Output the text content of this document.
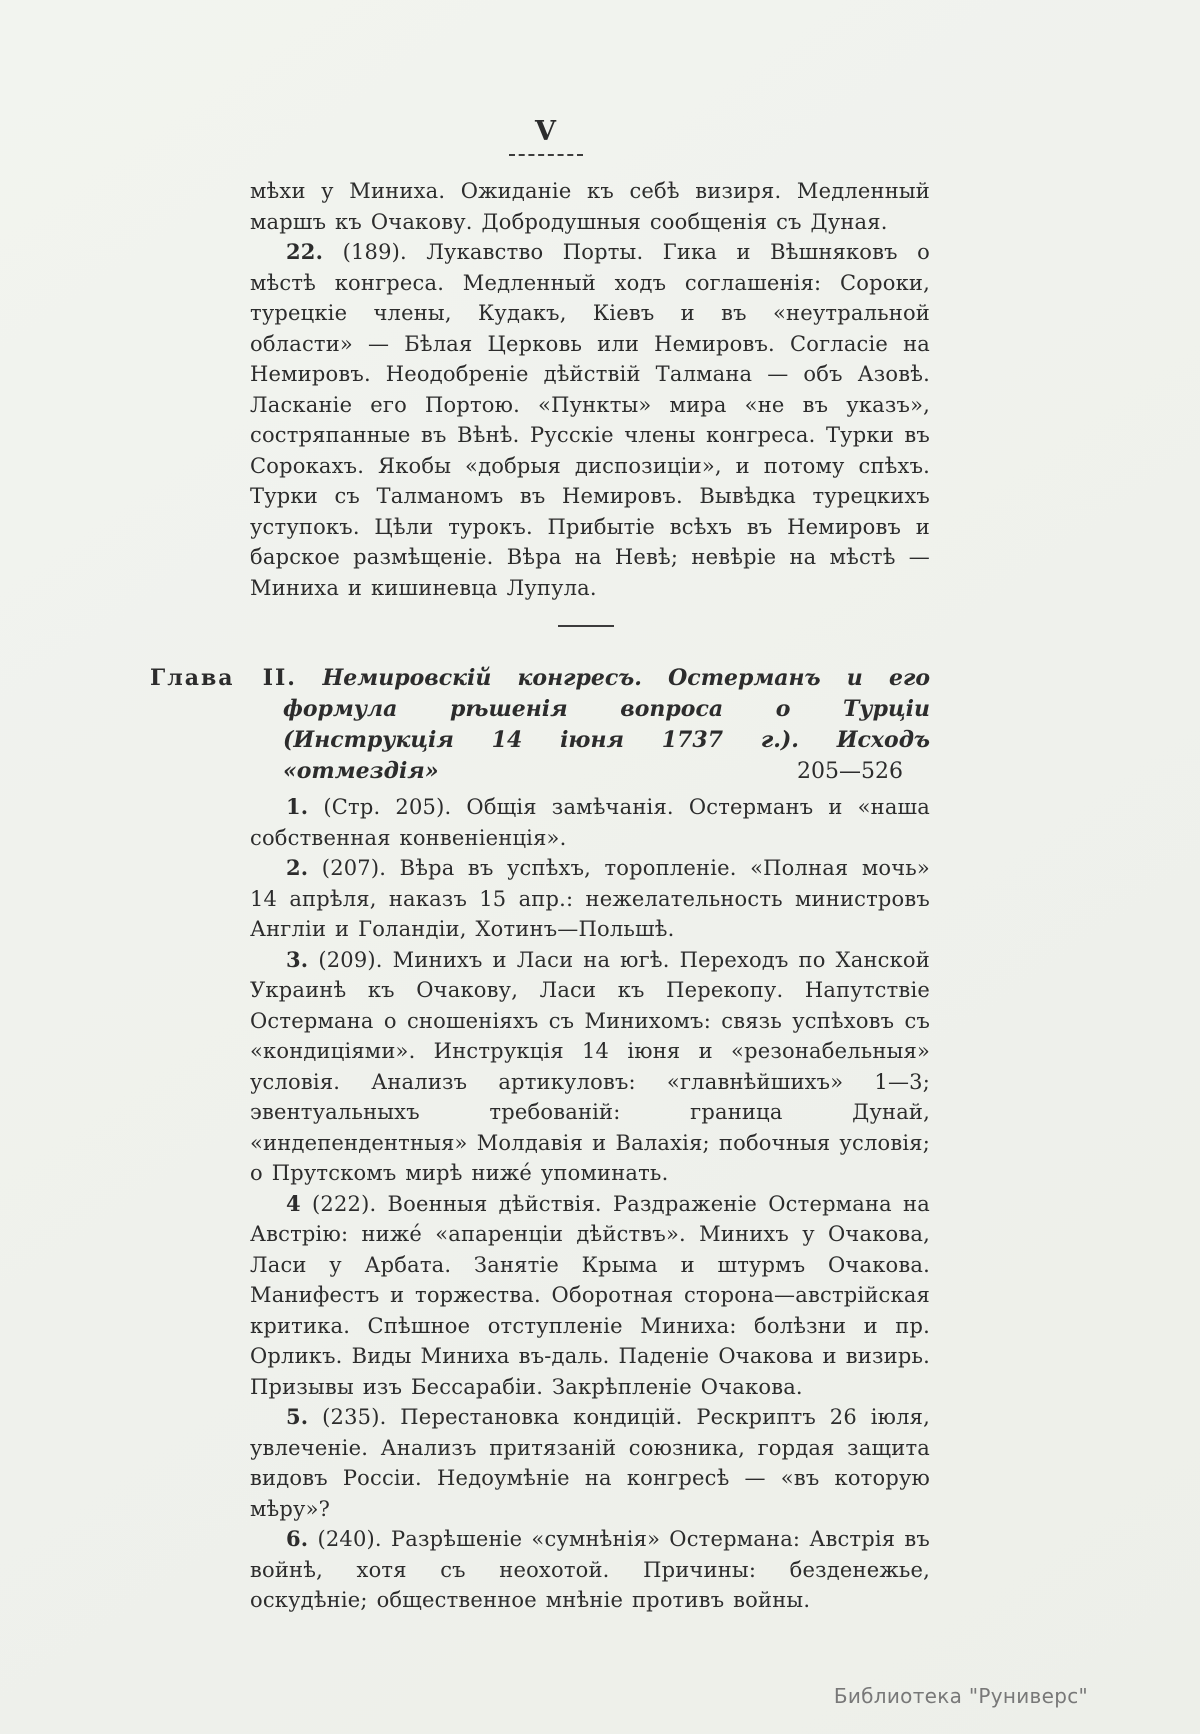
V

мѣхи у Миниха. Ожиданіе къ себѣ визиря. Медленный маршъ къ Очакову. Добродушныя сообщенія съ Дуная.

22. (189). Лукавство Порты. Гика и Вѣшняковъ о мѣстѣ конгреса. Медленный ходъ соглашенія: Сороки, турецкіе члены, Кудакъ, Кіевъ и въ «неутральной области» — Бѣлая Церковь или Немировъ. Согласіе на Немировъ. Неодобреніе дѣйствій Талмана — объ Азовѣ. Ласканіе его Портою. «Пункты» мира «не въ указъ», состряпанные въ Вѣнѣ. Русскіе члены конгреса. Турки въ Сорокахъ. Якобы «добрыя диспозиціи», и потому спѣхъ. Турки съ Талманомъ въ Немировъ. Вывѣдка турецкихъ уступокъ. Цѣли турокъ. Прибытіе всѣхъ въ Немировъ и барское размѣщеніе. Вѣра на Невѣ; невѣріе на мѣстѣ — Миниха и кишиневца Лупула.

Глава II. Немировскій конгресъ. Остерманъ и его формула рѣшенія вопроса о Турціи (Инструкція 14 іюня 1737 г.). Исходъ «отмездія»	205—526

1. (Стр. 205). Общія замѣчанія. Остерманъ и «наша собственная конвеніенція».

2. (207). Вѣра въ успѣхъ, торопленіе. «Полная мочь» 14 апрѣля, наказъ 15 апр.: нежелательность министровъ Англіи и Голандіи, Хотинъ—Польшѣ.

3. (209). Минихъ и Ласи на югѣ. Переходъ по Ханской Украинѣ къ Очакову, Ласи къ Перекопу. Напутствіе Остермана о сношеніяхъ съ Минихомъ: связь успѣховъ съ «кондиціями». Инструкція 14 іюня и «резонабельныя» условія. Анализъ артикуловъ: «главнѣйшихъ» 1—3; эвентуальныхъ требованій: граница Дунай, «индепендентныя» Молдавія и Валахія; побочныя условія; о Прутскомъ мирѣ ниже́ упоминать.

4 (222). Военныя дѣйствія. Раздраженіе Остермана на Австрію: ниже́ «апаренціи дѣйствъ». Минихъ у Очакова, Ласи у Арбата. Занятіе Крыма и штурмъ Очакова. Манифестъ и торжества. Оборотная сторона—австрійская критика. Спѣшное отступленіе Миниха: болѣзни и пр. Орликъ. Виды Миниха въ-даль. Паденіе Очакова и визирь. Призывы изъ Бессарабіи. Закрѣпленіе Очакова.

5. (235). Перестановка кондицій. Рескриптъ 26 іюля, увлеченіе. Анализъ притязаній союзника, гордая защита видовъ Россіи. Недоумѣніе на конгресѣ — «въ которую мѣру»?

6. (240). Разрѣшеніе «сумнѣнія» Остермана: Австрія въ войнѣ, хотя съ неохотой. Причины: безденежье, оскудѣніе; общественное мнѣніе противъ войны.

Библиотека "Руниверс"
